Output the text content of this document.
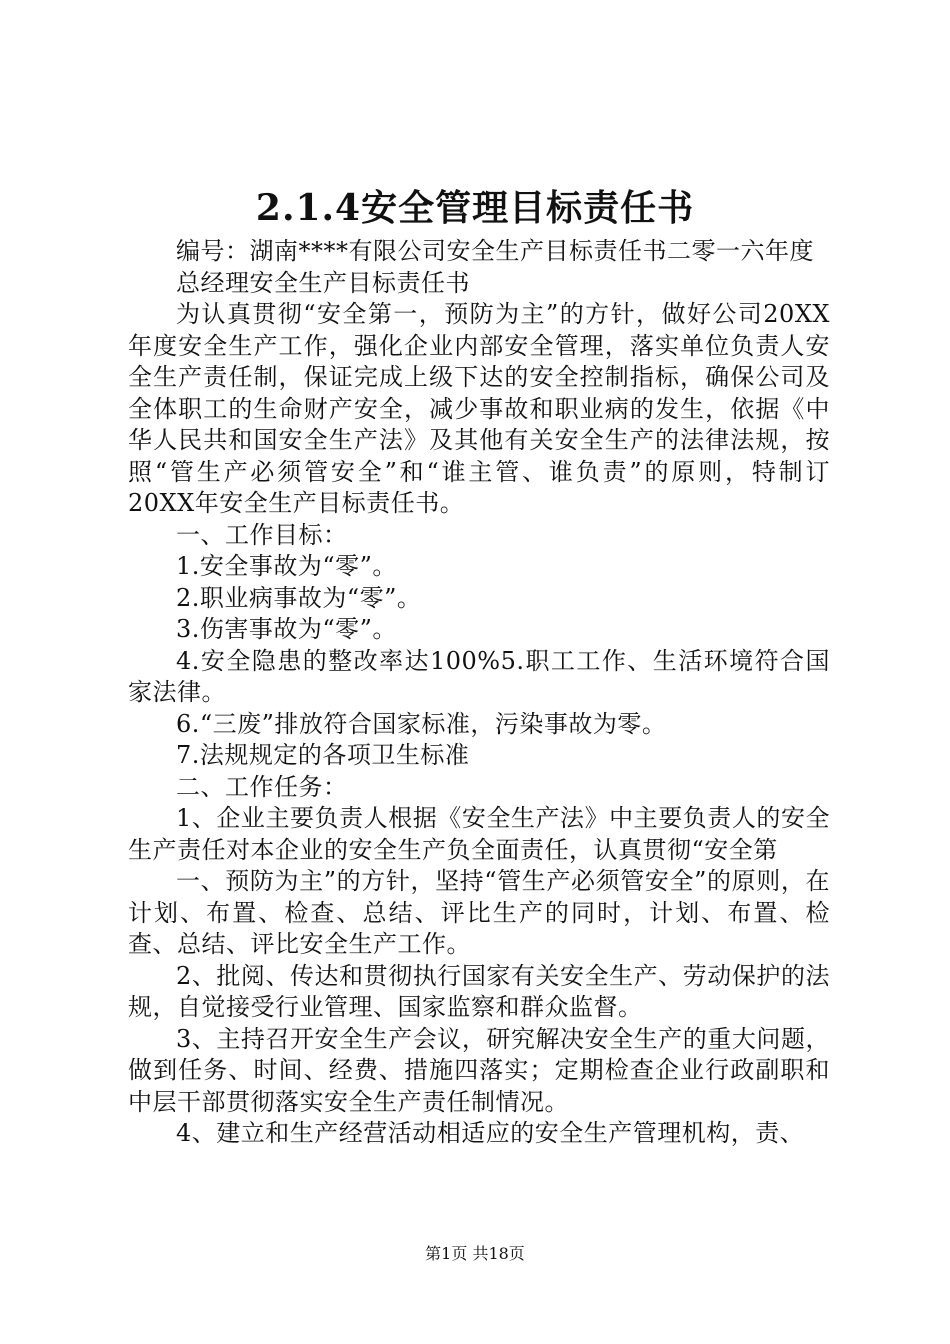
2.1.4安全管理目标责任书

编号：湖南****有限公司安全生产目标责任书二零一六年度

总经理安全生产目标责任书

为认真贯彻“安全第一，预防为主”的方针，做好公司20XX年度安全生产工作，强化企业内部安全管理，落实单位负责人安全生产责任制，保证完成上级下达的安全控制指标，确保公司及全体职工的生命财产安全，减少事故和职业病的发生，依据《中华人民共和国安全生产法》及其他有关安全生产的法律法规，按照“管生产必须管安全”和“谁主管、谁负责”的原则，特制订20XX年安全生产目标责任书。

一、工作目标：

1.安全事故为“零”。

2.职业病事故为“零”。

3.伤害事故为“零”。

4.安全隐患的整改率达100%5.职工工作、生活环境符合国家法律。

6.“三废”排放符合国家标准，污染事故为零。

7.法规规定的各项卫生标准

二、工作任务：

1、企业主要负责人根据《安全生产法》中主要负责人的安全生产责任对本企业的安全生产负全面责任，认真贯彻“安全第

一、预防为主”的方针，坚持“管生产必须管安全”的原则，在计划、布置、检查、总结、评比生产的同时，计划、布置、检查、总结、评比安全生产工作。

2、批阅、传达和贯彻执行国家有关安全生产、劳动保护的法规，自觉接受行业管理、国家监察和群众监督。

3、主持召开安全生产会议，研究解决安全生产的重大问题，做到任务、时间、经费、措施四落实；定期检查企业行政副职和中层干部贯彻落实安全生产责任制情况。

4、建立和生产经营活动相适应的安全生产管理机构，责、

第1页 共18页
